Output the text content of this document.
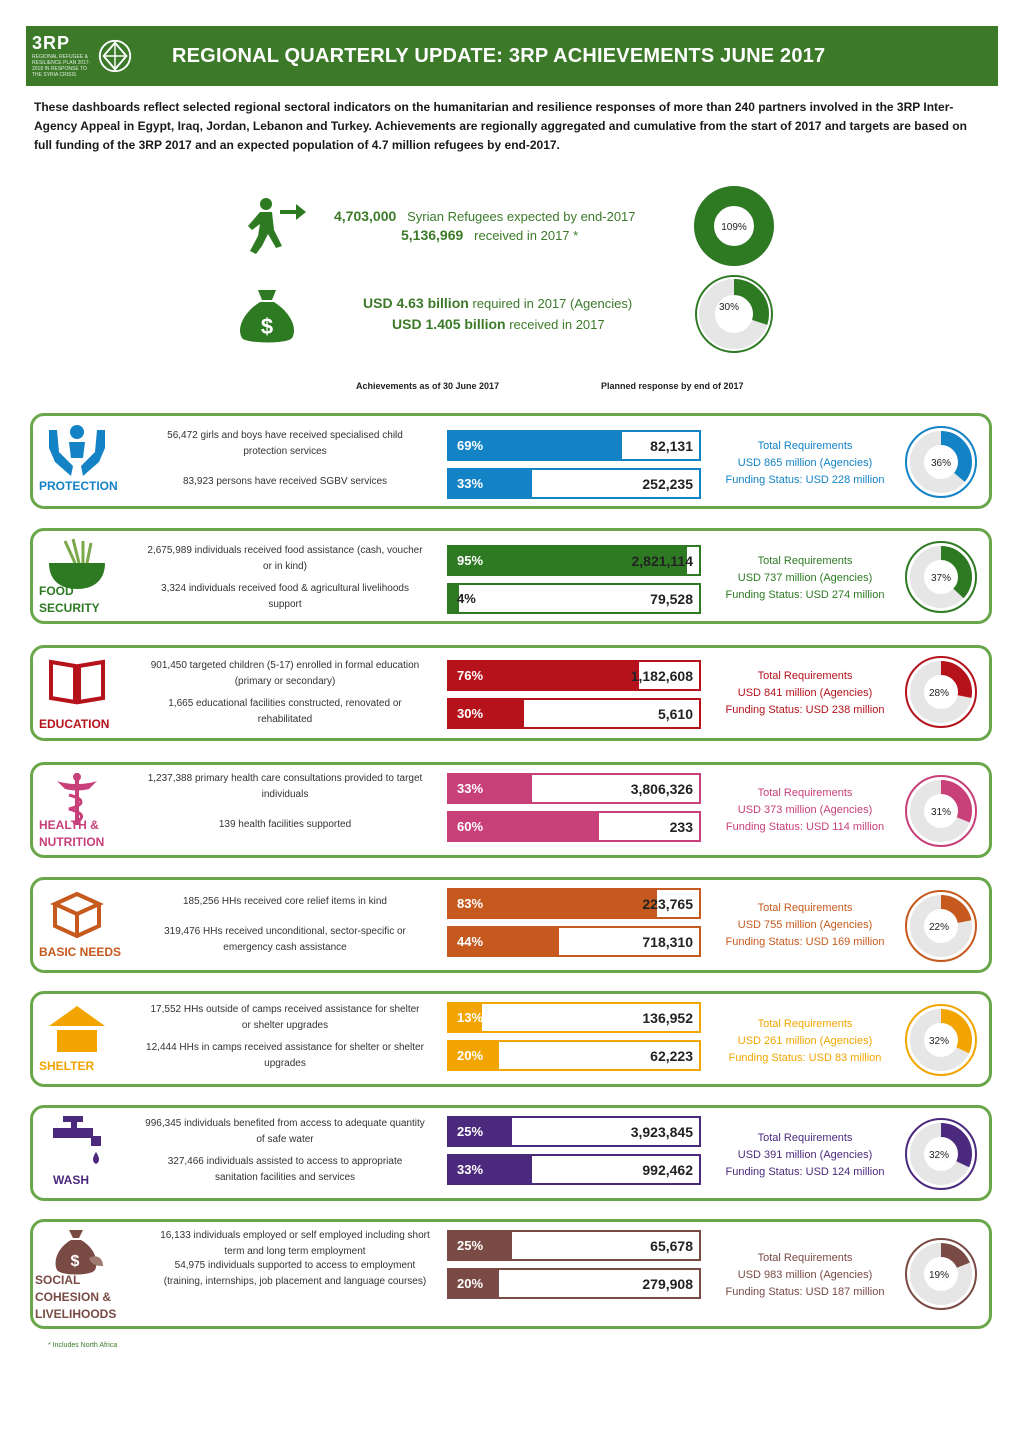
3RP
REGIONAL REFUGEE & RESILIENCE PLAN 2017-2018 IN RESPONSE TO THE SYRIA CRISIS
REGIONAL QUARTERLY UPDATE: 3RP ACHIEVEMENTS JUNE 2017

These dashboards reflect selected regional sectoral indicators on the humanitarian and resilience responses of more than 240 partners involved in the 3RP Inter-Agency Appeal in Egypt, Iraq, Jordan, Lebanon and Turkey. Achievements are regionally aggregated and cumulative from the start of 2017 and targets are based on full funding of the 3RP 2017 and an expected population of 4.7 million refugees by end-2017.

4,703,000 Syrian Refugees expected by end-2017
5,136,969 received in 2017 *
109%
$
USD 4.63 billion required in 2017 (Agencies)
USD 1.405 billion received in 2017
30%
Achievements as of 30 June 2017	Planned response by end of 2017
PROTECTION
56,472 girls and boys have received specialised child protection services
83,923 persons have received SGBV services
69%	82,131
33%	252,235
Total Requirements
USD 865 million (Agencies)
Funding Status: USD 228 million
36%
FOOD SECURITY
2,675,989 individuals received food assistance (cash, voucher or in kind)
3,324 individuals received food & agricultural livelihoods support
95%	2,821,114
4%	79,528
Total Requirements
USD 737 million (Agencies)
Funding Status: USD 274 million
37%
EDUCATION
901,450 targeted children (5-17) enrolled in formal education (primary or secondary)
1,665 educational facilities constructed, renovated or rehabilitated
76%	1,182,608
30%	5,610
Total Requirements
USD 841 million (Agencies)
Funding Status: USD 238 million
28%
HEALTH & NUTRITION
1,237,388 primary health care consultations provided to target individuals
139 health facilities supported
33%	3,806,326
60%	233
Total Requirements
USD 373 million (Agencies)
Funding Status: USD 114 million
31%
BASIC NEEDS
185,256 HHs received core relief items in kind
319,476 HHs received unconditional, sector-specific or emergency cash assistance
83%	223,765
44%	718,310
Total Requirements
USD 755 million (Agencies)
Funding Status: USD 169 million
22%
SHELTER
17,552 HHs outside of camps received assistance for shelter or shelter upgrades
12,444 HHs in camps received assistance for shelter or shelter upgrades
13%	136,952
20%	62,223
Total Requirements
USD 261 million (Agencies)
Funding Status: USD 83 million
32%
WASH
996,345 individuals benefited from access to adequate quantity of safe water
327,466 individuals assisted to access to appropriate sanitation facilities and services
25%	3,923,845
33%	992,462
Total Requirements
USD 391 million (Agencies)
Funding Status: USD 124 million
32%
$
SOCIAL COHESION & LIVELIHOODS
16,133 individuals employed or self employed including short term and long term employment
54,975 individuals supported to access to employment (training, internships, job placement and language courses)
25%	65,678
20%	279,908
Total Requirements
USD 983 million (Agencies)
Funding Status: USD 187 million
19%
* Includes North Africa
